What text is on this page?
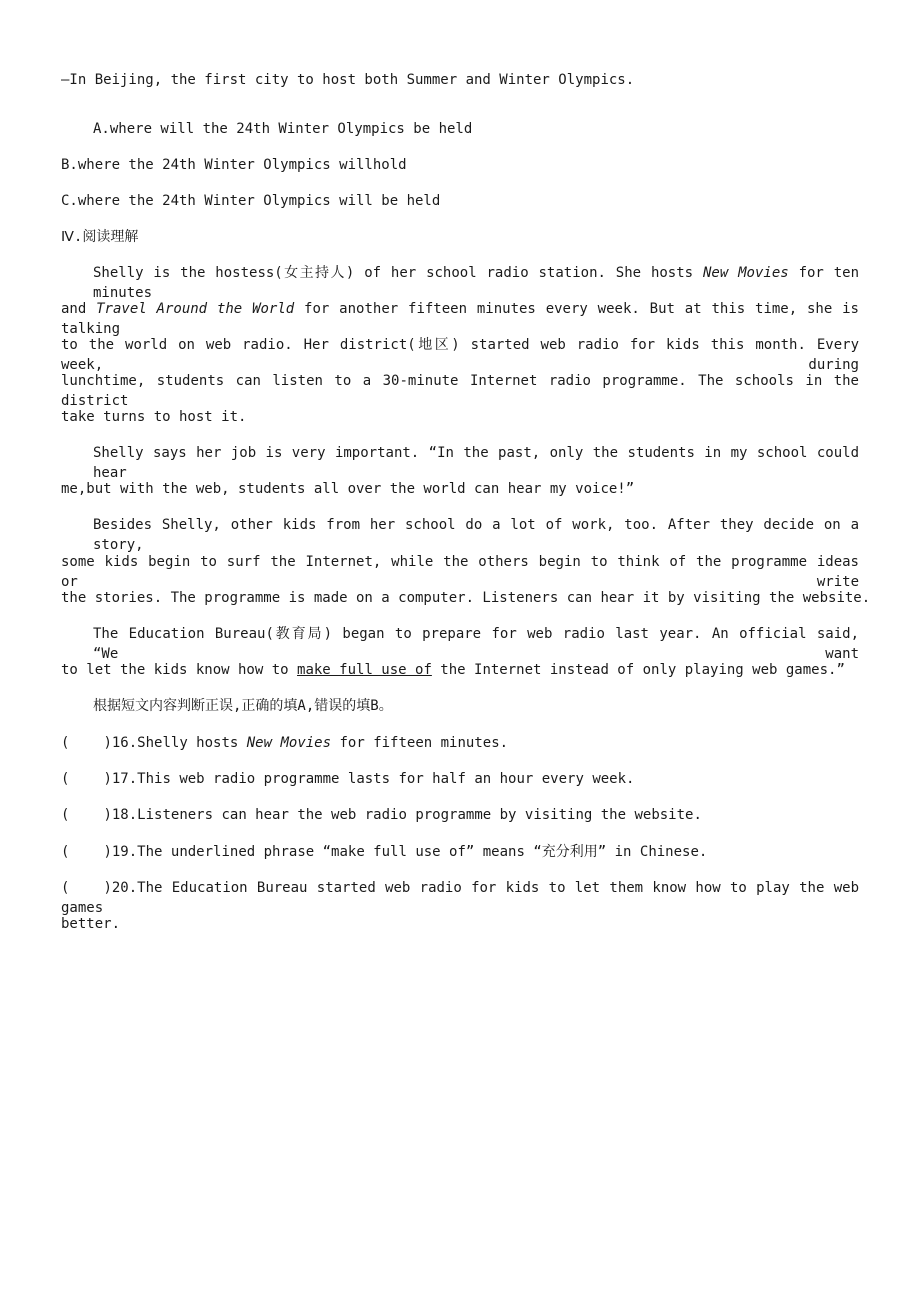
—In Beijing, the first city to host both Summer and Winter Olympics.
A.where will the 24th Winter Olympics be held
B.where the 24th Winter Olympics willhold
C.where the 24th Winter Olympics will be held
Ⅳ.阅读理解
Shelly is the hostess(女主持人) of her school radio station. She hosts New Movies for ten minutes
and Travel Around the World for another fifteen minutes every week. But at this time, she is talking
to the world on web radio. Her district(地区) started web radio for kids this month. Every week, during
lunchtime, students can listen to a 30-minute Internet radio programme. The schools in the district
take turns to host it.
Shelly says her job is very important. “In the past, only the students in my school could hear
me,but with the web, students all over the world can hear my voice!”
Besides Shelly, other kids from her school do a lot of work, too. After they decide on a story,
some kids begin to surf the Internet, while the others begin to think of the programme ideas or write
the stories. The programme is made on a computer. Listeners can hear it by visiting the website.
The Education Bureau(教育局) began to prepare for web radio last year. An official said, “We want
to let the kids know how to make full use of the Internet instead of only playing web games.”
根据短文内容判断正误,正确的填A,错误的填B。
( )16.Shelly hosts New Movies for fifteen minutes.
( )17.This web radio programme lasts for half an hour every week.
( )18.Listeners can hear the web radio programme by visiting the website.
( )19.The underlined phrase “make full use of” means “充分利用” in Chinese.
( )20.The Education Bureau started web radio for kids to let them know how to play the web games
better.
